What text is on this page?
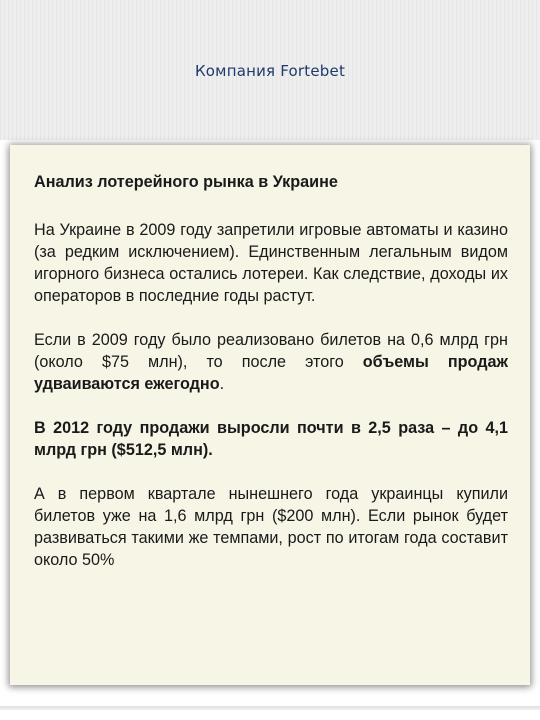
Компания Fortebet

Анализ лотерейного рынка в Украине

На Украине в 2009 году запретили игровые автоматы и казино (за редким исключением). Единственным легальным видом игорного бизнеса остались лотереи. Как следствие, доходы их операторов в последние годы растут.

Если в 2009 году было реализовано билетов на 0,6 млрд грн (около $75 млн), то после этого объемы продаж удваиваются ежегодно.

В 2012 году продажи выросли почти в 2,5 раза – до 4,1 млрд грн ($512,5 млн).

А в первом квартале нынешнего года украинцы купили билетов уже на 1,6 млрд грн ($200 млн). Если рынок будет развиваться такими же темпами, рост по итогам года составит около 50%
